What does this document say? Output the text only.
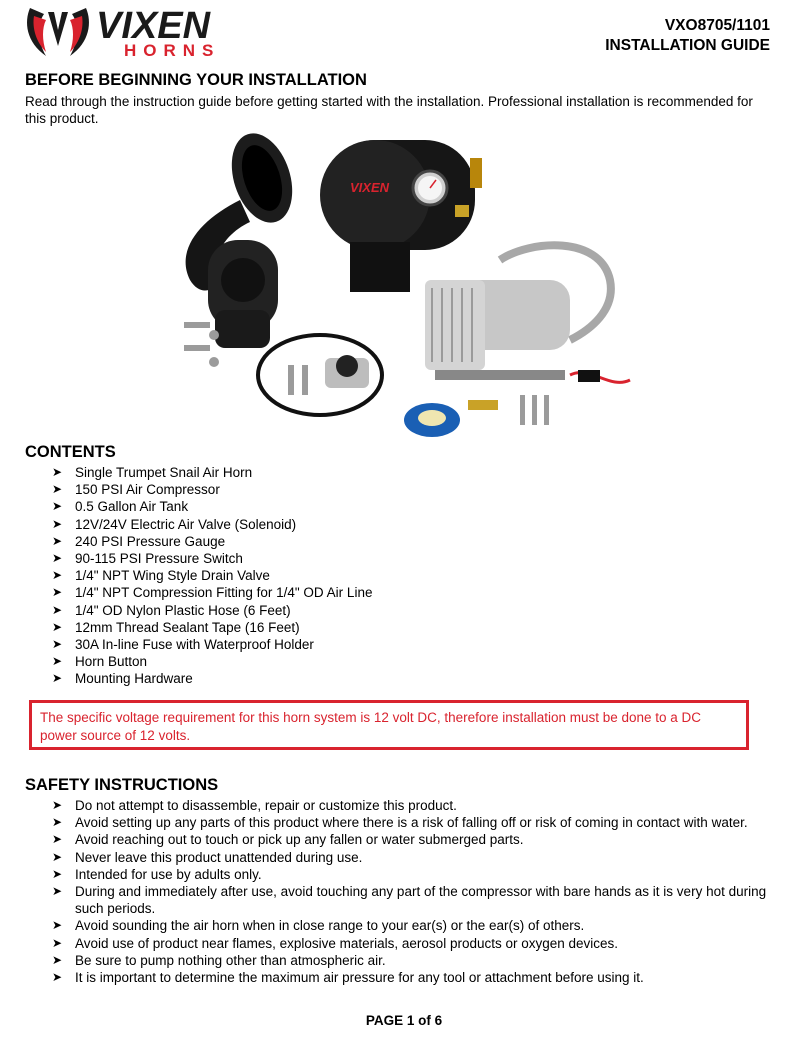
VIXEN
HORNS
VXO8705/1101
INSTALLATION GUIDE
BEFORE BEGINNING YOUR INSTALLATION

Read through the instruction guide before getting started with the installation. Professional installation is recommended for this product.

VIXEN
CONTENTS
➤ Single Trumpet Snail Air Horn
➤ 150 PSI Air Compressor
➤ 0.5 Gallon Air Tank
➤ 12V/24V Electric Air Valve (Solenoid)
➤ 240 PSI Pressure Gauge
➤ 90-115 PSI Pressure Switch
➤ 1/4" NPT Wing Style Drain Valve
➤ 1/4" NPT Compression Fitting for 1/4" OD Air Line
➤ 1/4" OD Nylon Plastic Hose (6 Feet)
➤ 12mm Thread Sealant Tape (16 Feet)
➤ 30A In-line Fuse with Waterproof Holder
➤ Horn Button
➤ Mounting Hardware
The specific voltage requirement for this horn system is 12 volt DC, therefore installation must be done to a DC power source of 12 volts.
SAFETY INSTRUCTIONS
➤ Do not attempt to disassemble, repair or customize this product.
➤ Avoid setting up any parts of this product where there is a risk of falling off or risk of coming in contact with water.
➤ Avoid reaching out to touch or pick up any fallen or water submerged parts.
➤ Never leave this product unattended during use.
➤ Intended for use by adults only.
➤ During and immediately after use, avoid touching any part of the compressor with bare hands as it is very hot during such periods.
➤ Avoid sounding the air horn when in close range to your ear(s) or the ear(s) of others.
➤ Avoid use of product near flames, explosive materials, aerosol products or oxygen devices.
➤ Be sure to pump nothing other than atmospheric air.
➤ It is important to determine the maximum air pressure for any tool or attachment before using it.
PAGE 1 of 6
